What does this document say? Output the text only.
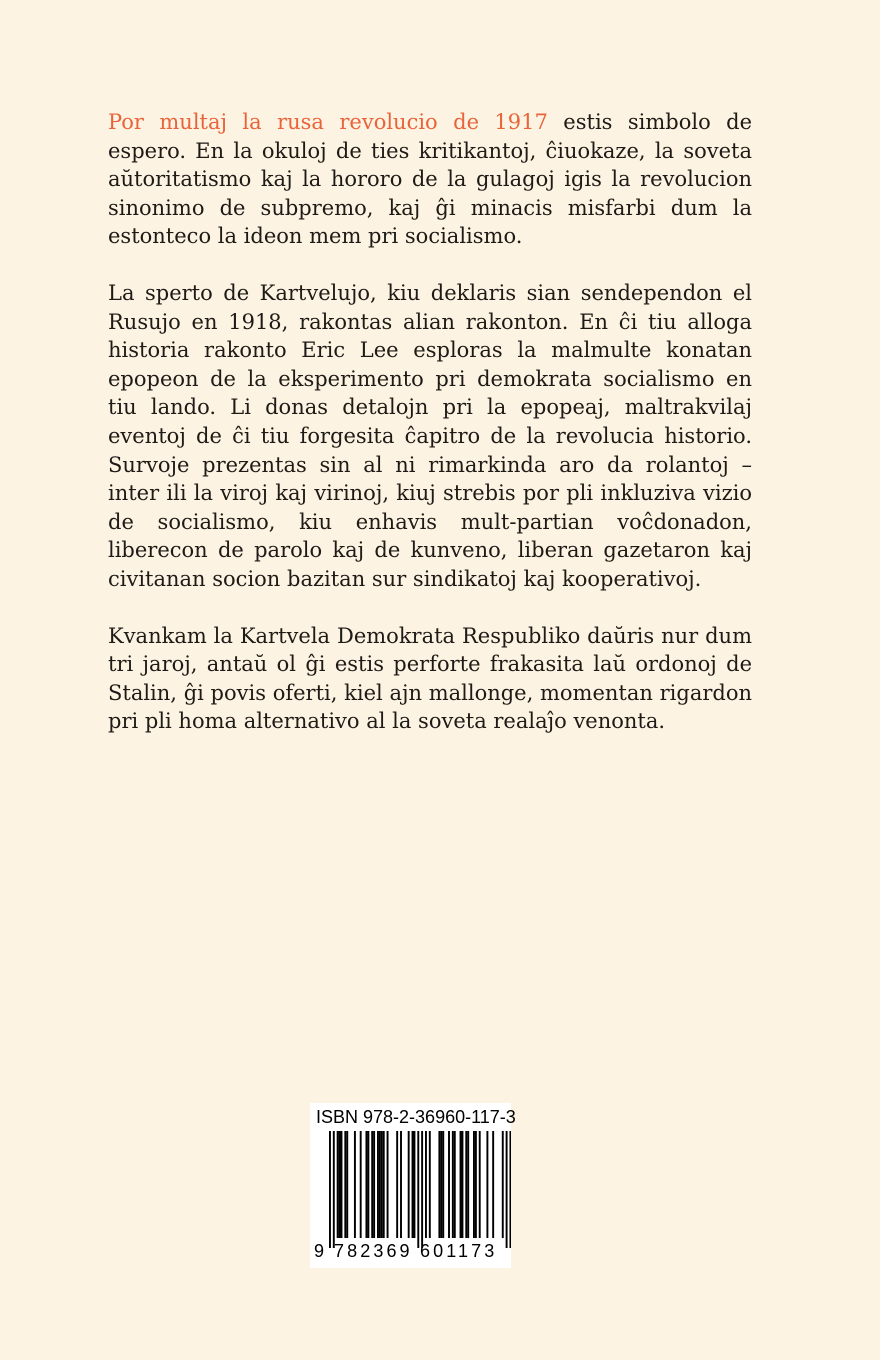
Por multaj la rusa revolucio de 1917 estis simbolo de espero. En la okuloj de ties kritikantoj, ĉiuokaze, la soveta aŭtoritatismo kaj la hororo de la gulagoj igis la revolucion sinonimo de subpremo, kaj ĝi minacis misfarbi dum la estonteco la ideon mem pri socialismo.

La sperto de Kartvelujo, kiu deklaris sian sendependon el Rusujo en 1918, rakontas alian rakonton. En ĉi tiu alloga historia rakonto Eric Lee esploras la malmulte konatan epopeon de la eksperimento pri demokrata socialismo en tiu lando. Li donas detalojn pri la epopeaj, maltrakvilaj eventoj de ĉi tiu forgesita ĉapitro de la revolucia historio. Survoje prezentas sin al ni rimarkinda aro da rolantoj – inter ili la viroj kaj virinoj, kiuj strebis por pli inkluziva vizio de socialismo, kiu enhavis mult-partian voĉdonadon, liberecon de parolo kaj de kunveno, liberan gazetaron kaj civitanan socion bazitan sur sindikatoj kaj kooperativoj.

Kvankam la Kartvela Demokrata Respubliko daŭris nur dum tri jaroj, antaŭ ol ĝi estis perforte frakasita laŭ ordonoj de Stalin, ĝi povis oferti, kiel ajn mallonge, momentan rigardon pri pli homa alternativo al la soveta realaĵo venonta.

ISBN 978-2-36960-117-3
9 782369 601173
